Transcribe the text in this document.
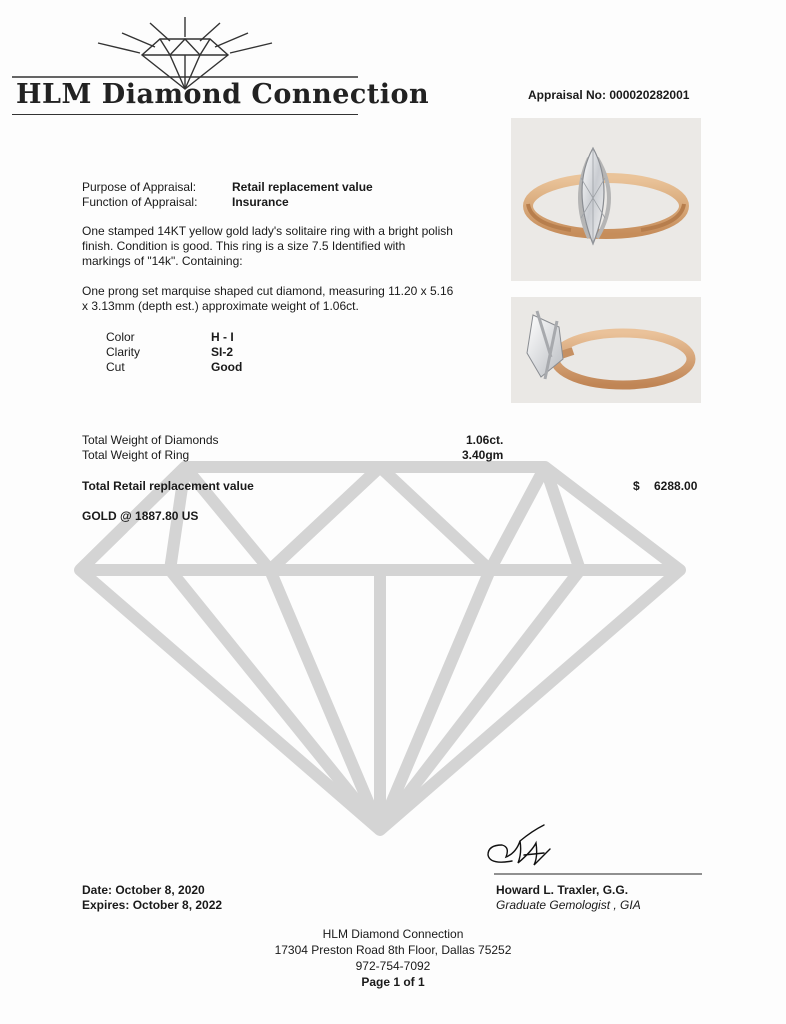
HLM Diamond Connection	Appraisal No: 000020282001
Purpose of Appraisal:	Retail replacement value
Function of Appraisal:	Insurance
One stamped 14KT yellow gold lady's solitaire ring with a bright polish finish. Condition is good. This ring is a size 7.5 Identified with markings of "14k". Containing:
One prong set marquise shaped cut diamond, measuring 11.20 x 5.16 x 3.13mm (depth est.) approximate weight of 1.06ct.
Color	H - I
Clarity	SI-2
Cut	Good
Total Weight of Diamonds	1.06ct.
Total Weight of Ring	3.40gm
Total Retail replacement value	$ 6288.00
GOLD @ 1887.80 US
Date: October 8, 2020
Expires: October 8, 2022
Howard L. Traxler, G.G.
Graduate Gemologist , GIA
HLM Diamond Connection
17304 Preston Road 8th Floor, Dallas 75252
972-754-7092
Page 1 of 1
